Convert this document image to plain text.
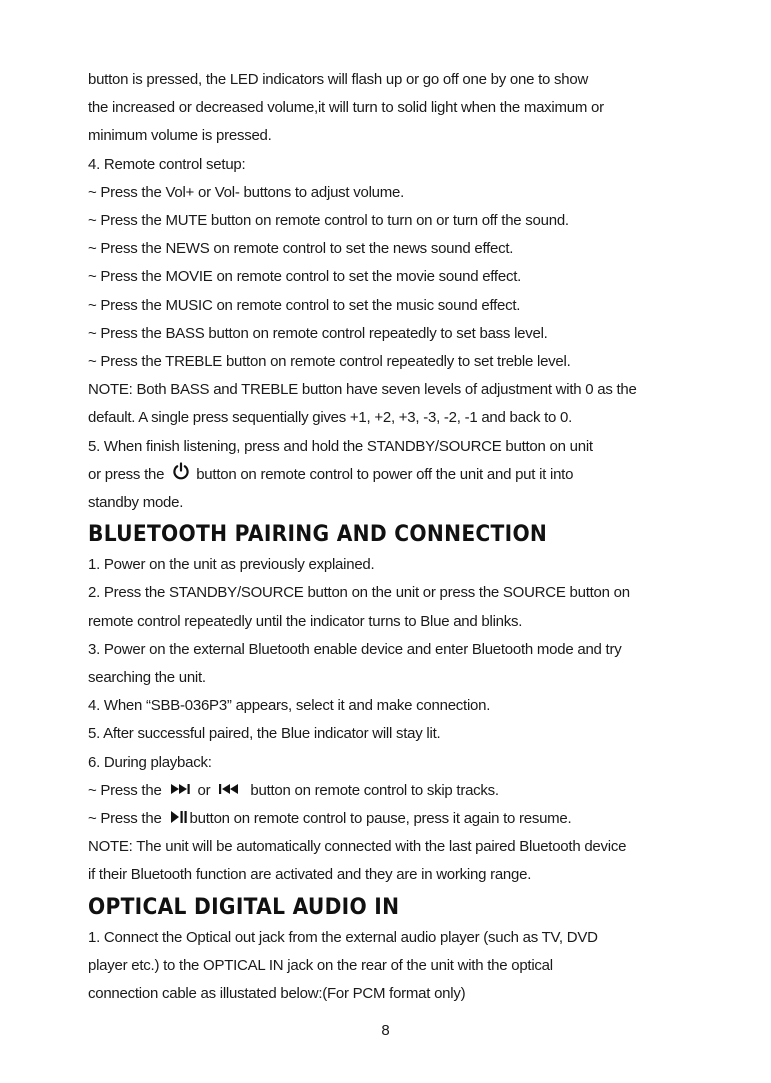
button is pressed, the LED indicators will flash up or go off one by one to show

the increased or decreased volume,it will turn to solid light when the maximum or

minimum volume is pressed.

4. Remote control setup:

~ Press the Vol+ or Vol- buttons to adjust volume.

~ Press the MUTE button on remote control to turn on or turn off the sound.

~ Press the NEWS on remote control to set the news sound effect.

~ Press the MOVIE on remote control to set the movie sound effect.

~ Press the MUSIC on remote control to set the music sound effect.

~ Press the BASS button on remote control repeatedly to set bass level.

~ Press the TREBLE button on remote control repeatedly to set treble level.

NOTE: Both BASS and TREBLE button have seven levels of adjustment with 0 as the

default. A single press sequentially gives +1, +2, +3, -3, -2, -1 and back to 0.

5. When finish listening, press and hold the STANDBY/SOURCE button on unit

or press the button on remote control to power off the unit and put it into

standby mode.

BLUETOOTH PAIRING AND CONNECTION

1. Power on the unit as previously explained.

2. Press the STANDBY/SOURCE button on the unit or press the SOURCE button on

remote control repeatedly until the indicator turns to Blue and blinks.

3. Power on the external Bluetooth enable device and enter Bluetooth mode and try

searching the unit.

4. When “SBB-036P3” appears, select it and make connection.

5. After successful paired, the Blue indicator will stay lit.

6. During playback:

~ Press the or	button on remote control to skip tracks.

~ Press the button on remote control to pause, press it again to resume.

NOTE: The unit will be automatically connected with the last paired Bluetooth device

if their Bluetooth function are activated and they are in working range.

OPTICAL DIGITAL AUDIO IN

1. Connect the Optical out jack from the external audio player (such as TV, DVD

player etc.) to the OPTICAL IN jack on the rear of the unit with the optical

connection cable as illustated below:(For PCM format only)

8
